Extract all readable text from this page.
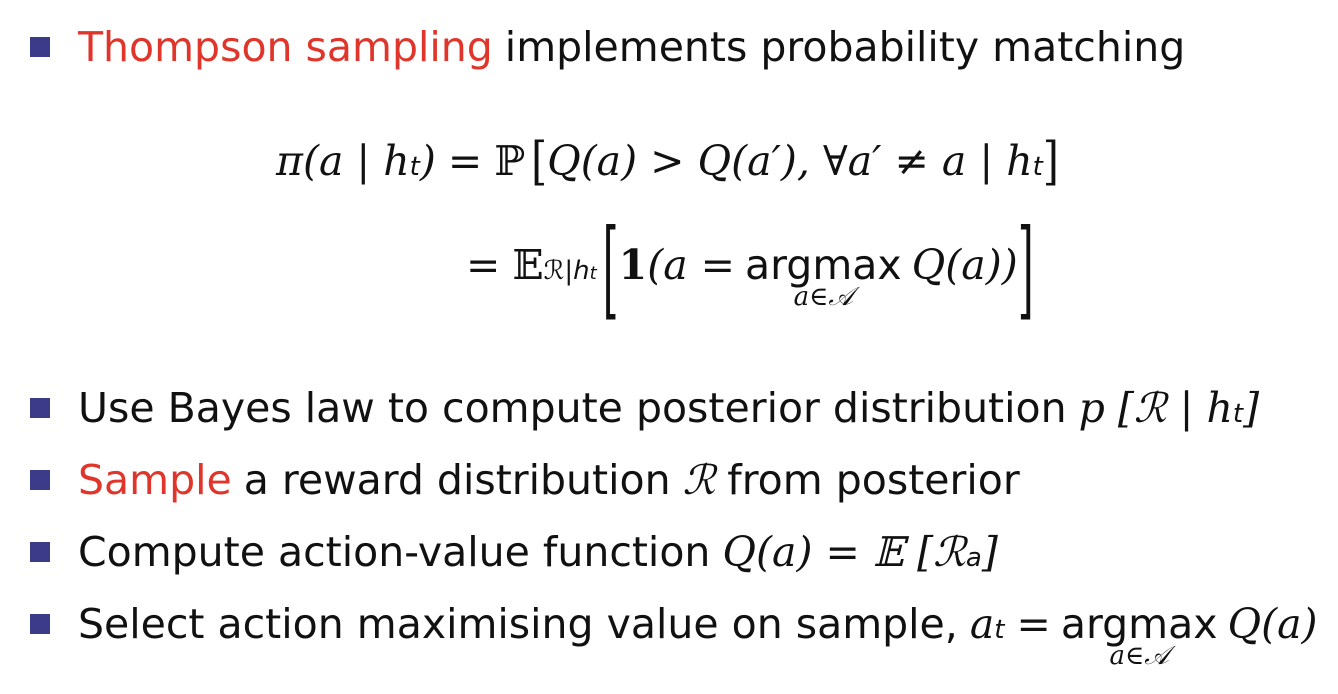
Thompson sampling implements probability matching
π(a | h t ) = ℙ [ Q(a) > Q(a′), ∀a′ ≠ a | h t ]
= 𝔼 ℛ|h t [ 1 (a = argmax
a∈𝒜
Q(a)) ]
Use Bayes law to compute posterior distribution p [ℛ | h t ]
Sample a reward distribution ℛ from posterior
Compute action-value function Q(a) = 𝔼 [ℛ a ]
Select action maximising value on sample, a t = argmax
a∈𝒜
Q(a)
